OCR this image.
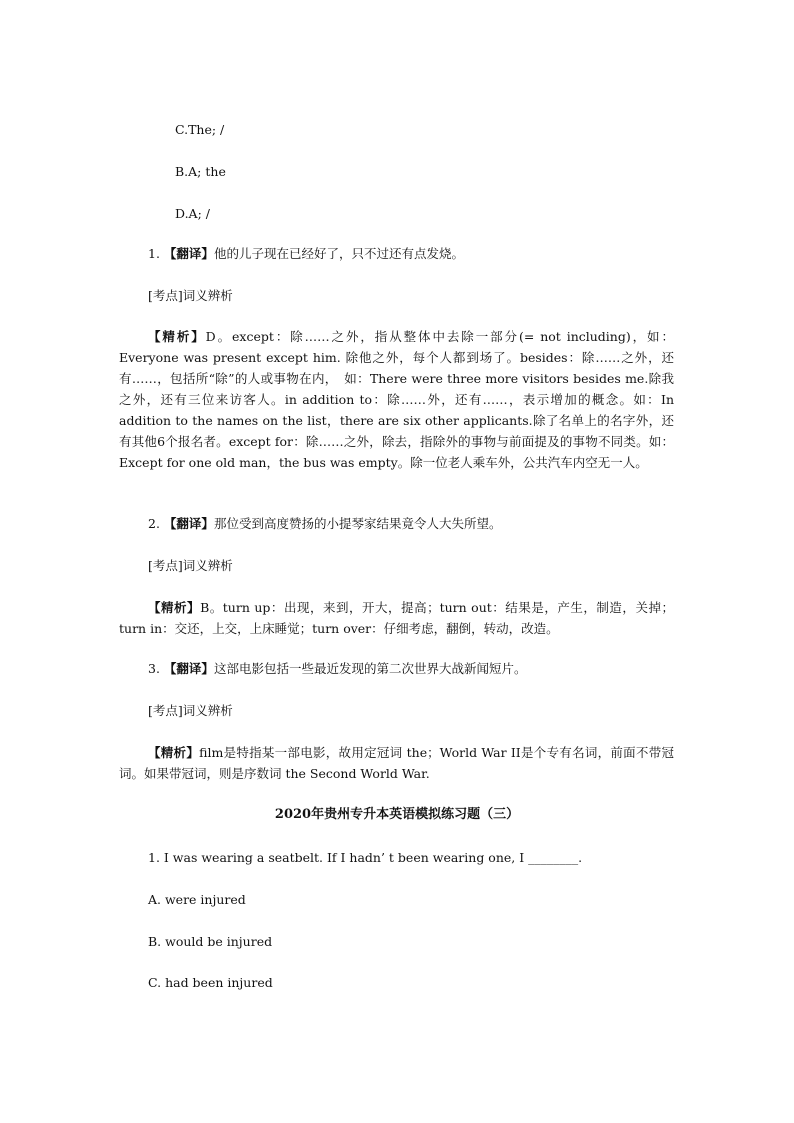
C.The; /
B.A; the
D.A; /
1. 【翻译】他的儿子现在已经好了，只不过还有点发烧。
[考点]词义辨析
【精析】D。except：除……之外，指从整体中去除一部分(= not including)，如：Everyone was present except him. 除他之外，每个人都到场了。besides：除……之外，还有……，包括所“除”的人或事物在内，　如：There were three more visitors besides me.除我之外，还有三位来访客人。in addition to：除……外，还有……，表示增加的概念。如：In addition to the names on the list，there are six other applicants.除了名单上的名字外，还有其他6个报名者。except for：除……之外，除去，指除外的事物与前面提及的事物不同类。如：Except for one old man，the bus was empty。除一位老人乘车外，公共汽车内空无一人。
2. 【翻译】那位受到高度赞扬的小提琴家结果竟令人大失所望。
[考点]词义辨析
【精析】B。turn up：出现，来到，开大，提高；turn out：结果是，产生，制造，关掉；turn in：交还，上交，上床睡觉；turn over：仔细考虑，翻倒，转动，改造。
3. 【翻译】这部电影包括一些最近发现的第二次世界大战新闻短片。
[考点]词义辨析
【精析】film是特指某一部电影，故用定冠词 the；World War II是个专有名词，前面不带冠词。如果带冠词，则是序数词 the Second World War.
2020年贵州专升本英语模拟练习题（三）
1. I was wearing a seatbelt. If I hadn’ t been wearing one, I ________.
A. were injured
B. would be injured
C. had been injured
